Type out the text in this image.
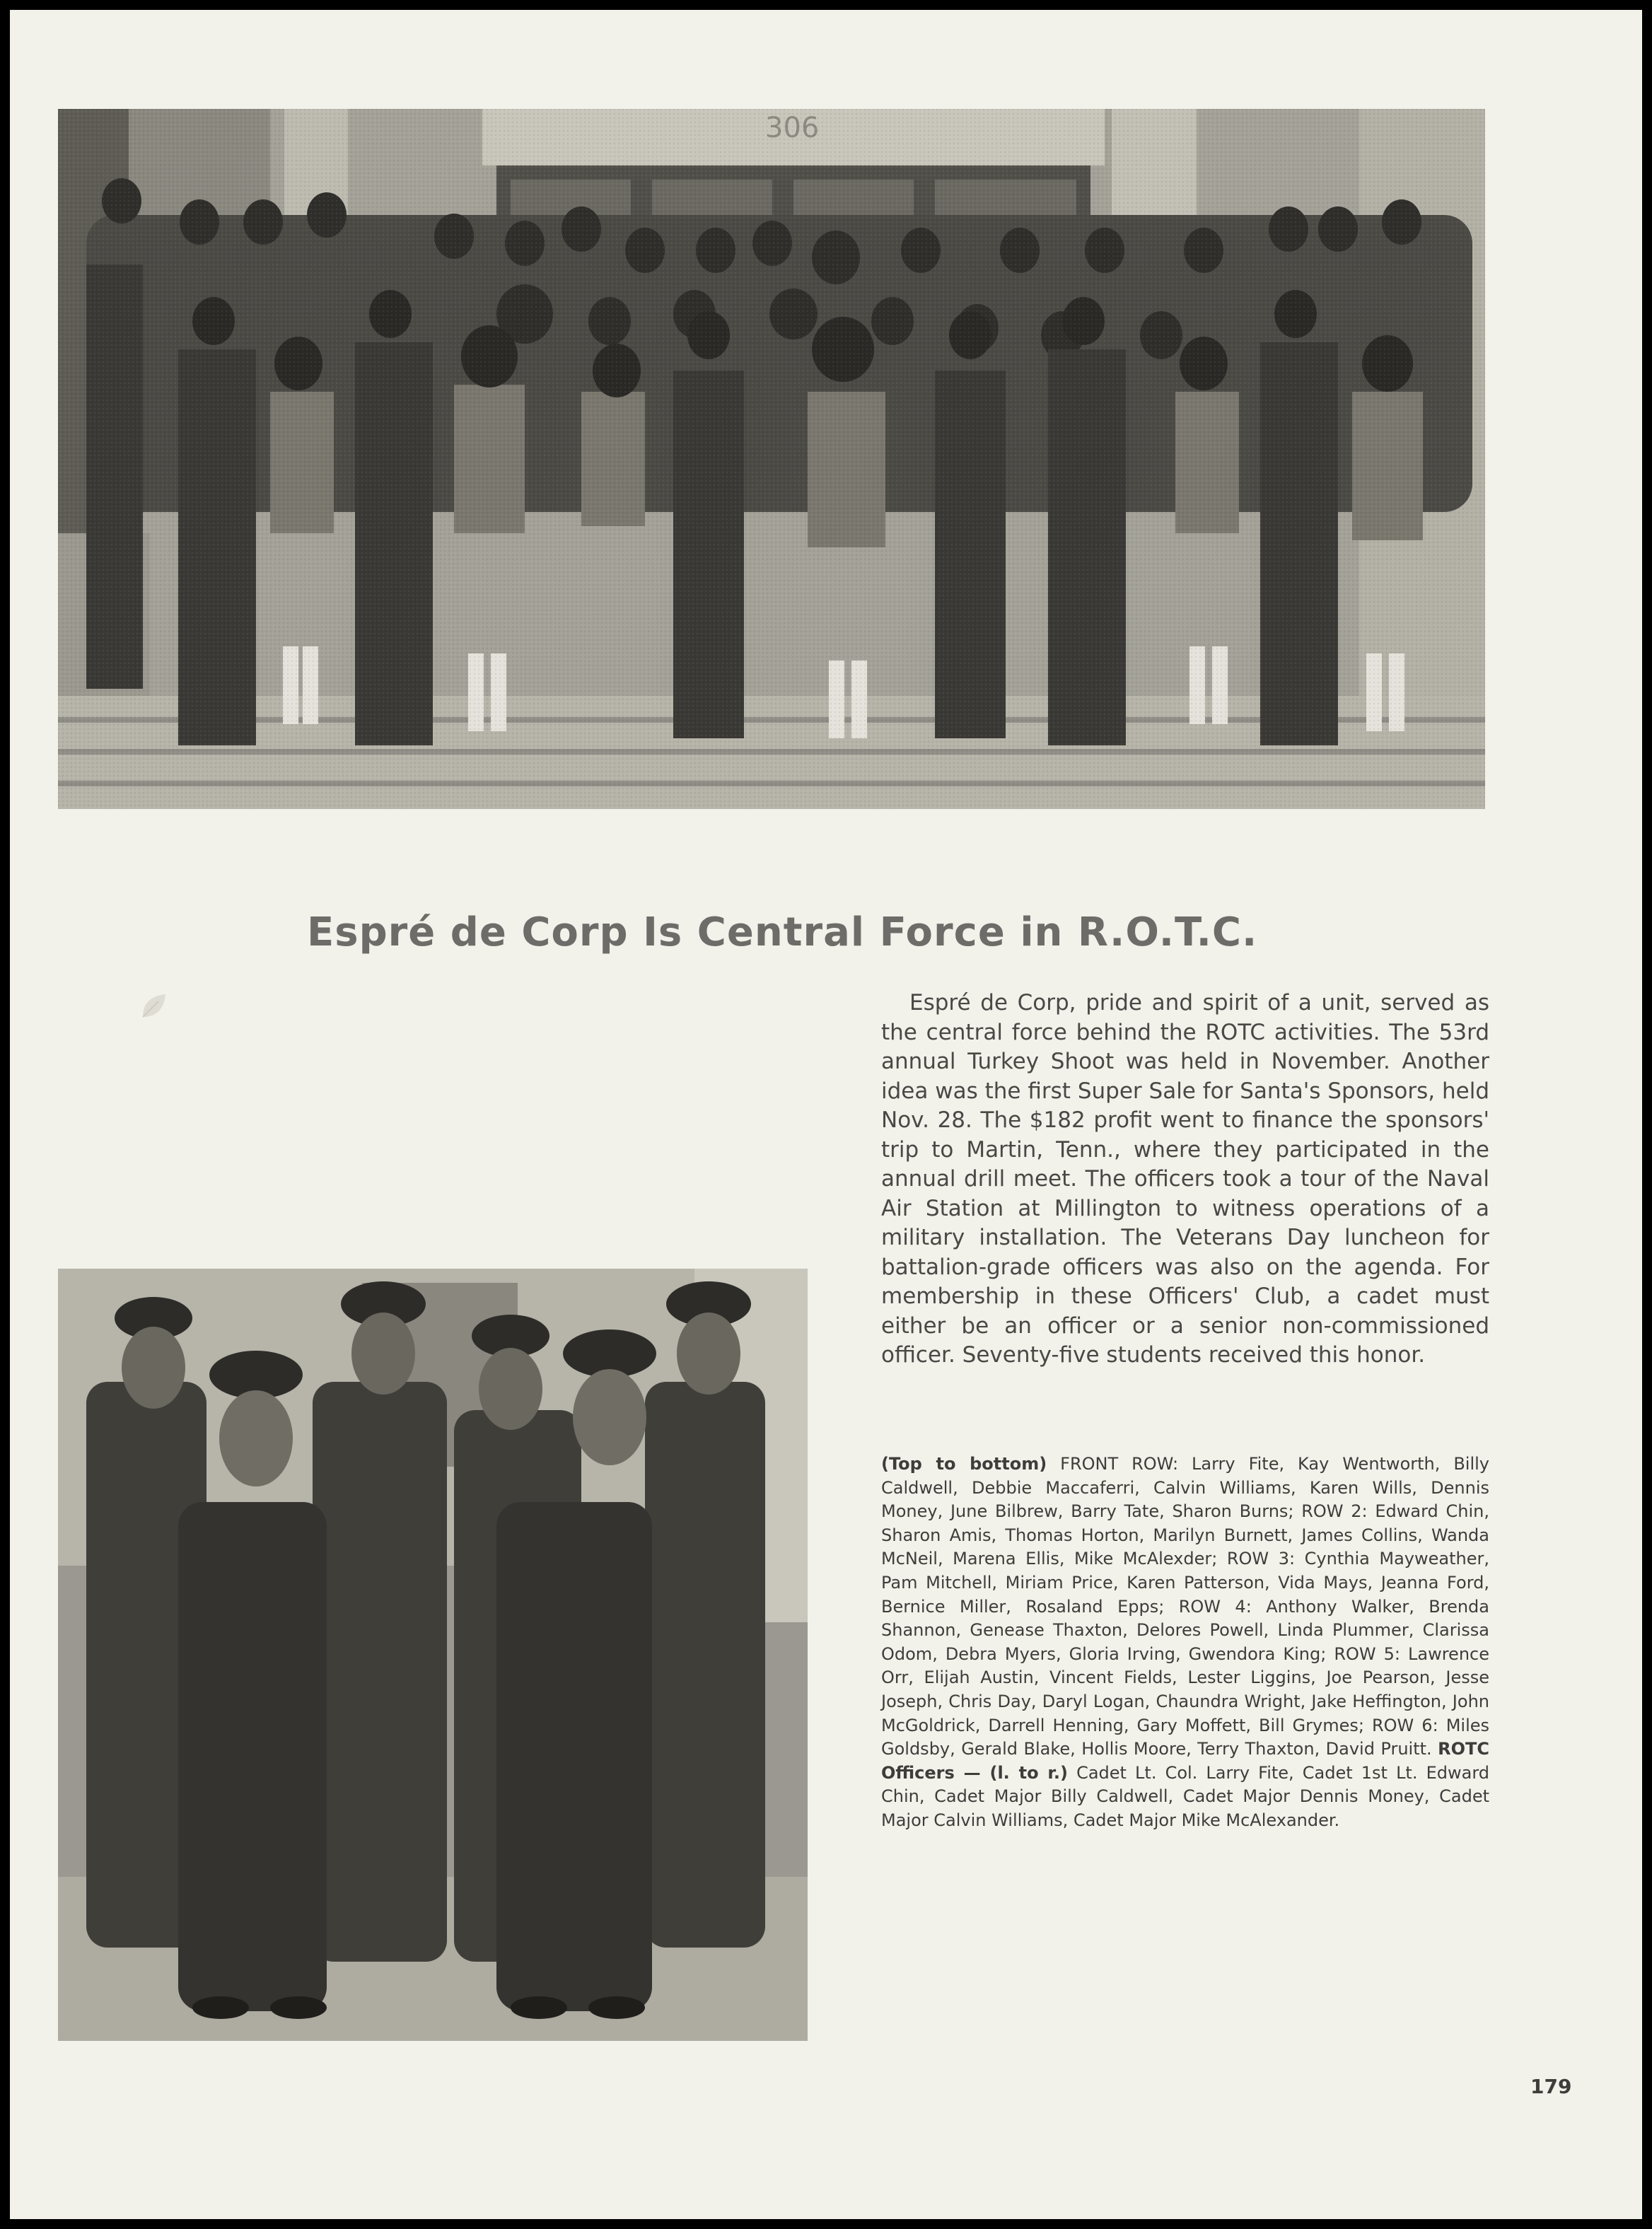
Espré de Corp Is Central Force in R.O.T.C.

Espré de Corp, pride and spirit of a unit, served as the central force behind the ROTC activities. The 53rd annual Turkey Shoot was held in November. Another idea was the first Super Sale for Santa's Sponsors, held Nov. 28. The $182 profit went to finance the sponsors' trip to Martin, Tenn., where they participated in the annual drill meet. The officers took a tour of the Naval Air Station at Millington to witness operations of a military installation. The Veterans Day luncheon for battalion-grade officers was also on the agenda. For membership in these Officers' Club, a cadet must either be an officer or a senior non-commissioned officer. Seventy-five students received this honor.

(Top to bottom) FRONT ROW: Larry Fite, Kay Wentworth, Billy Caldwell, Debbie Maccaferri, Calvin Williams, Karen Wills, Dennis Money, June Bilbrew, Barry Tate, Sharon Burns; ROW 2: Edward Chin, Sharon Amis, Thomas Horton, Marilyn Burnett, James Collins, Wanda McNeil, Marena Ellis, Mike McAlexder; ROW 3: Cynthia Mayweather, Pam Mitchell, Miriam Price, Karen Patterson, Vida Mays, Jeanna Ford, Bernice Miller, Rosaland Epps; ROW 4: Anthony Walker, Brenda Shannon, Genease Thaxton, Delores Powell, Linda Plummer, Clarissa Odom, Debra Myers, Gloria Irving, Gwendora King; ROW 5: Lawrence Orr, Elijah Austin, Vincent Fields, Lester Liggins, Joe Pearson, Jesse Joseph, Chris Day, Daryl Logan, Chaundra Wright, Jake Heffington, John McGoldrick, Darrell Henning, Gary Moffett, Bill Grymes; ROW 6: Miles Goldsby, Gerald Blake, Hollis Moore, Terry Thaxton, David Pruitt. ROTC Officers — (l. to r.) Cadet Lt. Col. Larry Fite, Cadet 1st Lt. Edward Chin, Cadet Major Billy Caldwell, Cadet Major Dennis Money, Cadet Major Calvin Williams, Cadet Major Mike McAlexander.

179
